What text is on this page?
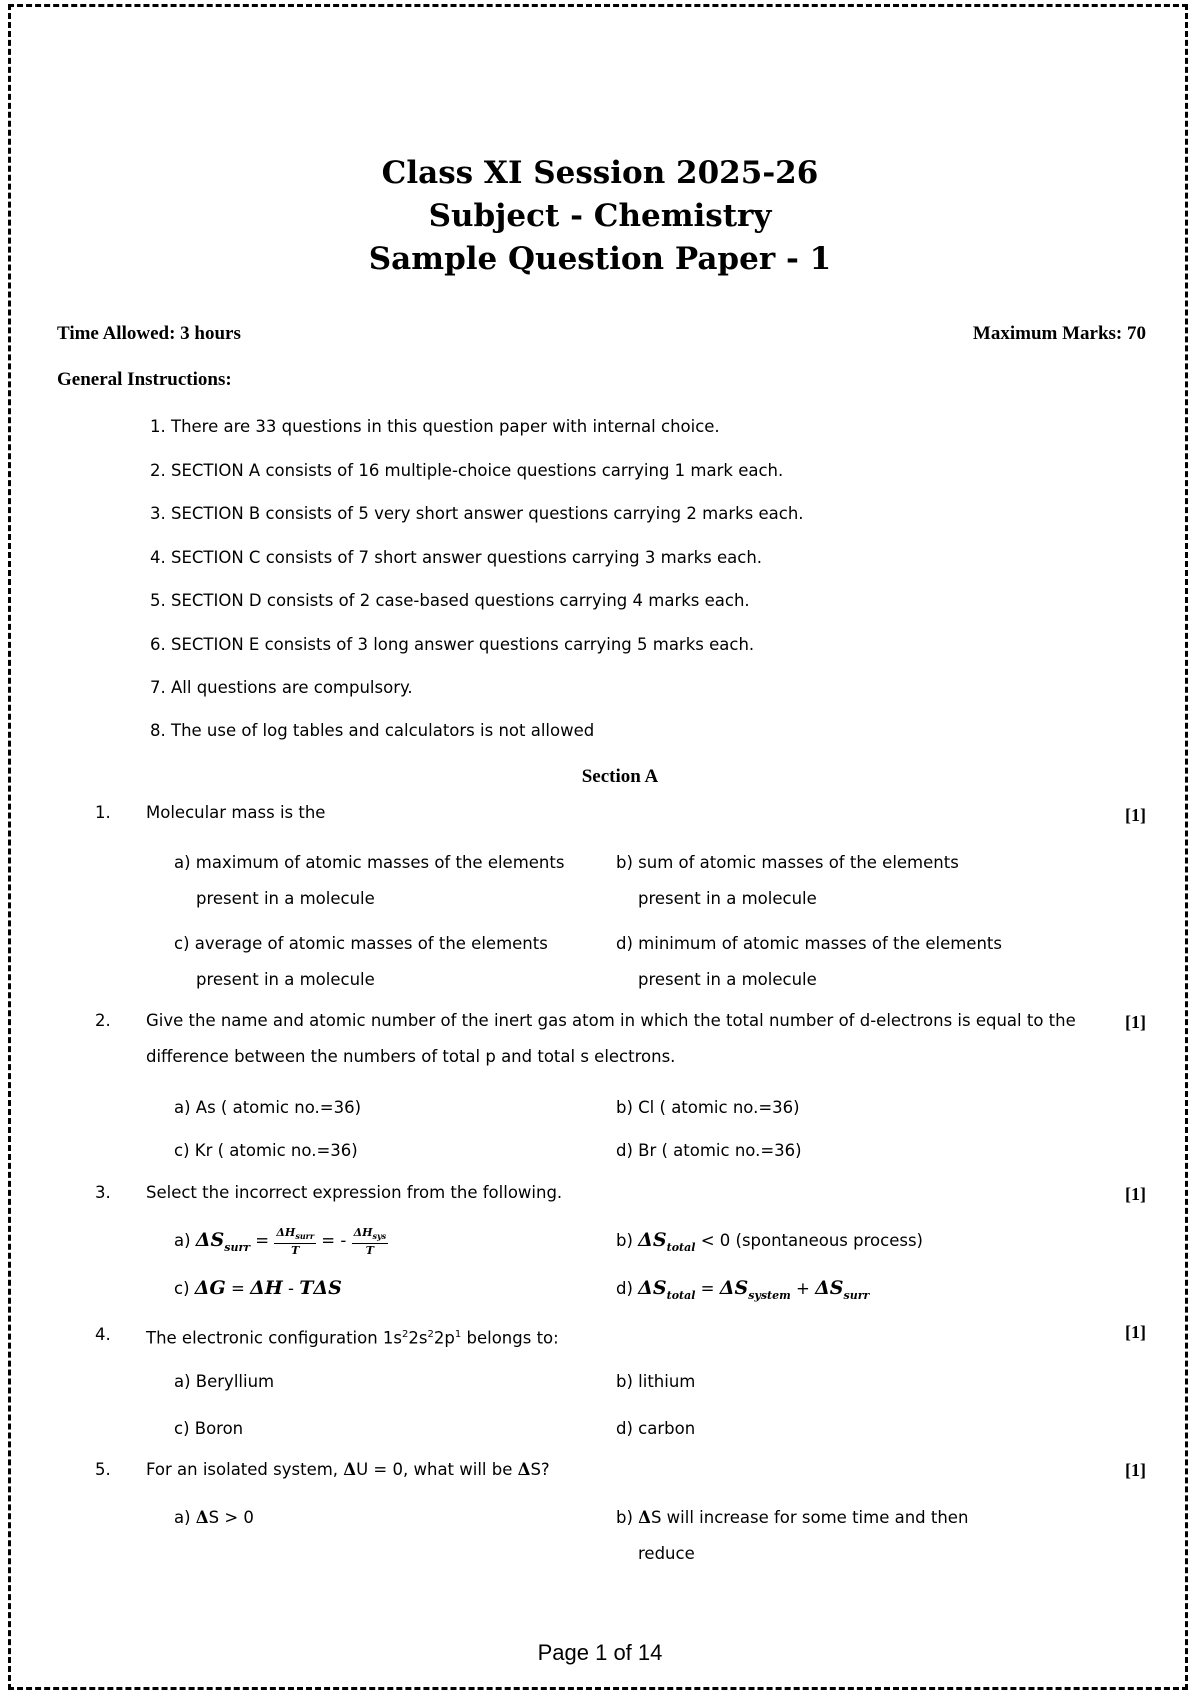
Class XI Session 2025-26
Subject - Chemistry
Sample Question Paper - 1
Time Allowed: 3 hours	Maximum Marks: 70
General Instructions:
1. There are 33 questions in this question paper with internal choice.
2. SECTION A consists of 16 multiple-choice questions carrying 1 mark each.
3. SECTION B consists of 5 very short answer questions carrying 2 marks each.
4. SECTION C consists of 7 short answer questions carrying 3 marks each.
5. SECTION D consists of 2 case-based questions carrying 4 marks each.
6. SECTION E consists of 3 long answer questions carrying 5 marks each.
7. All questions are compulsory.
8. The use of log tables and calculators is not allowed
Section A
1. Molecular mass is the	[1]
a) maximum of atomic masses of the elements
present in a molecule
b) sum of atomic masses of the elements
present in a molecule
c) average of atomic masses of the elements
present in a molecule
d) minimum of atomic masses of the elements
present in a molecule
2. Give the name and atomic number of the inert gas atom in which the total number of d-electrons is equal to the
difference between the numbers of total p and total s electrons.
[1]
a) As ( atomic no.=36)	b) Cl ( atomic no.=36)
c) Kr ( atomic no.=36)	d) Br ( atomic no.=36)
3. Select the incorrect expression from the following.	[1]
a) $\Delta S_{surr} = \frac{\Delta H_{surr}}{T}$ = - $\frac{\Delta H_{sys}}{T}$	b) $\Delta S_{total} < 0$ (spontaneous process)
c) ΔG = ΔH - TΔS	d) $\Delta S_{total} = \Delta S_{system} + \Delta S_{surr}$
4. The electronic configuration $1s^22s^22p^1$ belongs to:	[1]
a) Beryllium	b) lithium
c) Boron	d) carbon
5. For an isolated system, ΔU = 0, what will be ΔS?	[1]
a) ΔS > 0	b) ΔS will increase for some time and then
reduce
Page 1 of 14
